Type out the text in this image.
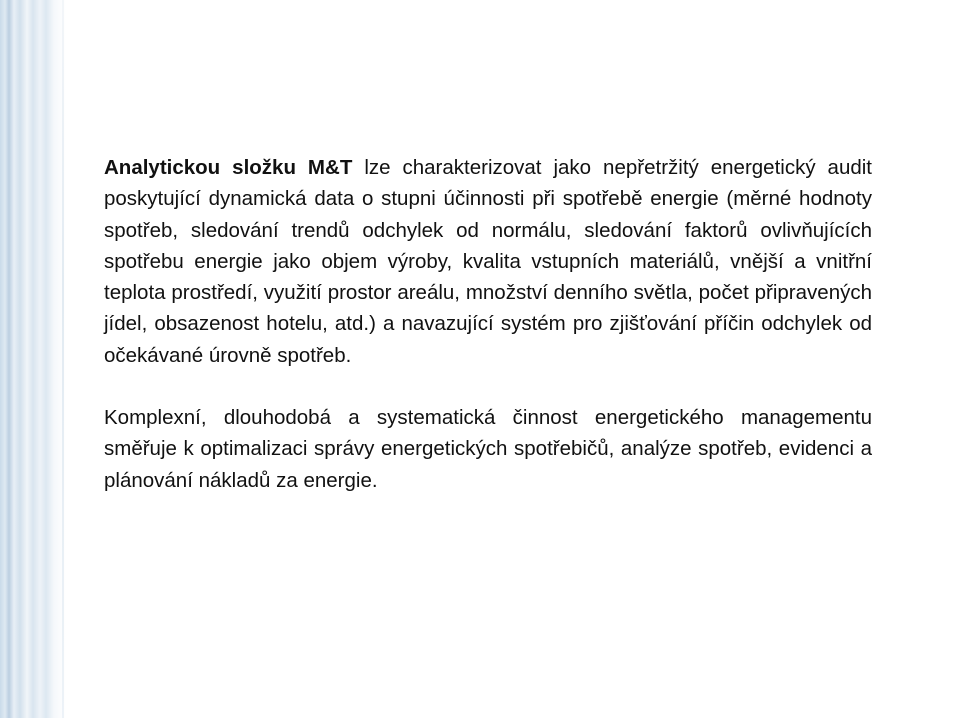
Analytickou složku M&T lze charakterizovat jako nepřetržitý energetický audit poskytující dynamická data o stupni účinnosti při spotřebě energie (měrné hodnoty spotřeb, sledování trendů odchylek od normálu, sledování faktorů ovlivňujících spotřebu energie jako objem výroby, kvalita vstupních materiálů, vnější a vnitřní teplota prostředí, využití prostor areálu, množství denního světla, počet připravených jídel, obsazenost hotelu, atd.) a navazující systém pro zjišťování příčin odchylek od očekávané úrovně spotřeb.

Komplexní, dlouhodobá a systematická činnost energetického managementu směřuje k optimalizaci správy energetických spotřebičů, analýze spotřeb, evidenci a plánování nákladů za energie.
